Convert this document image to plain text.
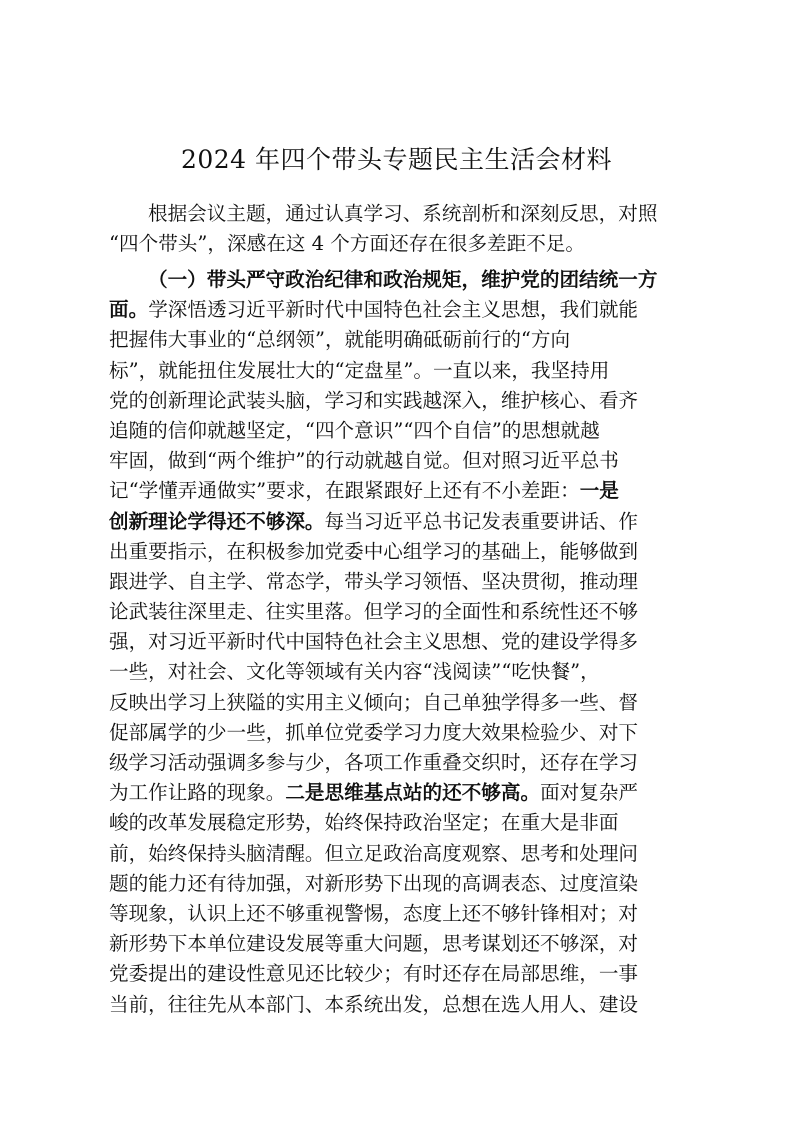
2024 年四个带头专题民主生活会材料
根据会议主题，通过认真学习、系统剖析和深刻反思，对照
“四个带头”，深感在这 4 个方面还存在很多差距不足。
（一）带头严守政治纪律和政治规矩，维护党的团结统一方
面。学深悟透习近平新时代中国特色社会主义思想，我们就能
把握伟大事业的“总纲领”，就能明确砥砺前行的“方向
标”，就能扭住发展壮大的“定盘星”。一直以来，我坚持用
党的创新理论武装头脑，学习和实践越深入，维护核心、看齐
追随的信仰就越坚定，“四个意识”“四个自信”的思想就越
牢固，做到“两个维护”的行动就越自觉。但对照习近平总书
记“学懂弄通做实”要求，在跟紧跟好上还有不小差距：一是
创新理论学得还不够深。每当习近平总书记发表重要讲话、作
出重要指示，在积极参加党委中心组学习的基础上，能够做到
跟进学、自主学、常态学，带头学习领悟、坚决贯彻，推动理
论武装往深里走、往实里落。但学习的全面性和系统性还不够
强，对习近平新时代中国特色社会主义思想、党的建设学得多
一些，对社会、文化等领域有关内容“浅阅读”“吃快餐”，
反映出学习上狭隘的实用主义倾向；自己单独学得多一些、督
促部属学的少一些，抓单位党委学习力度大效果检验少、对下
级学习活动强调多参与少，各项工作重叠交织时，还存在学习
为工作让路的现象。二是思维基点站的还不够高。面对复杂严
峻的改革发展稳定形势，始终保持政治坚定；在重大是非面
前，始终保持头脑清醒。但立足政治高度观察、思考和处理问
题的能力还有待加强，对新形势下出现的高调表态、过度渲染
等现象，认识上还不够重视警惕，态度上还不够针锋相对；对
新形势下本单位建设发展等重大问题，思考谋划还不够深，对
党委提出的建设性意见还比较少；有时还存在局部思维，一事
当前，往往先从本部门、本系统出发，总想在选人用人、建设
